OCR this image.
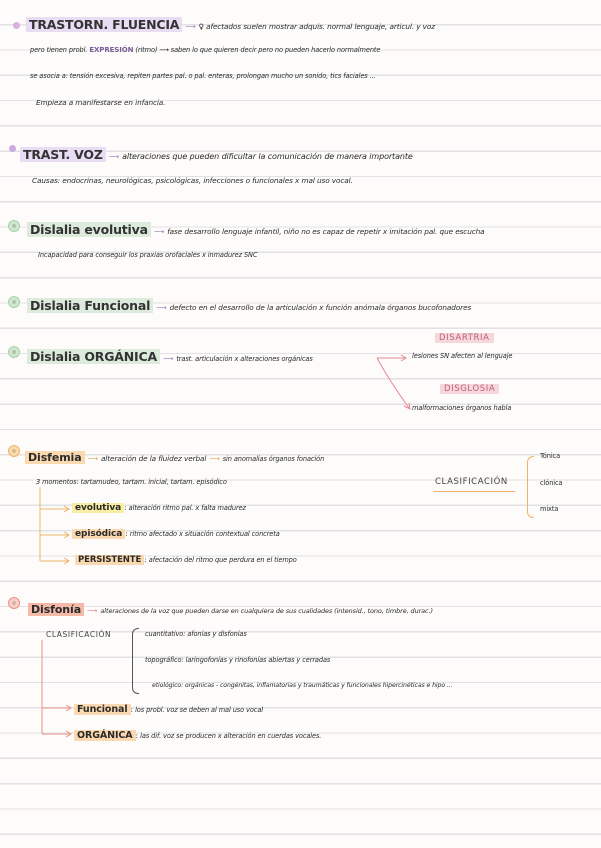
TRASTORN. FLUENCIA ⟶ ♀ afectados suelen mostrar adquis. normal lenguaje, articul. y voz
pero tienen probl. EXPRESIÓN (ritmo) ⟶ saben lo que quieren decir pero no pueden hacerlo normalmente
se asocia a: tensión excesiva, repiten partes pal. o pal. enteras, prolongan mucho un sonido, tics faciales ...
Empieza a manifestarse en infancia.
TRAST. VOZ ⟶ alteraciones que pueden dificultar la comunicación de manera importante
Causas: endocrinas, neurológicas, psicológicas, infecciones o funcionales x mal uso vocal.
Dislalia evolutiva ⟶ fase desarrollo lenguaje infantil, niño no es capaz de repetir x imitación pal. que escucha
Incapacidad para conseguir los praxias orofaciales x inmadurez SNC
Dislalia Funcional ⟶ defecto en el desarrollo de la articulación x función anómala órganos bucofonadores
DISARTRIA
Dislalia ORGÁNICA ⟶ trast. articulación x alteraciones orgánicas	lesiones SN afecten al lenguaje
DISGLOSIA
malformaciones órganos habla
Disfemia ⟶ alteración de la fluidez verbal ⟶ sin anomalías órganos fonación
3 momentos: tartamudeo, tartam. inicial, tartam. episódico
evolutiva : alteración ritmo pal. x falta madurez
episódica : ritmo afectado x situación contextual concreta
PERSISTENTE : afectación del ritmo que perdura en el tiempo
CLASIFICACIÓN
Tónica
clónica
mixta
Disfonía ⟶ alteraciones de la voz que pueden darse en cualquiera de sus cualidades (intensid., tono, timbre, durac.)
CLASIFICACIÓN	cuantitativo: afonías y disfonías
topográfico: laringofonías y rinofonías abiertas y cerradas
etiológico: orgánicas - congénitas, inflamatorias y traumáticas y funcionales hipercinéticas e hipo ...
Funcional : los probl. voz se deben al mal uso vocal
ORGÁNICA : las dif. voz se producen x alteración en cuerdas vocales.
